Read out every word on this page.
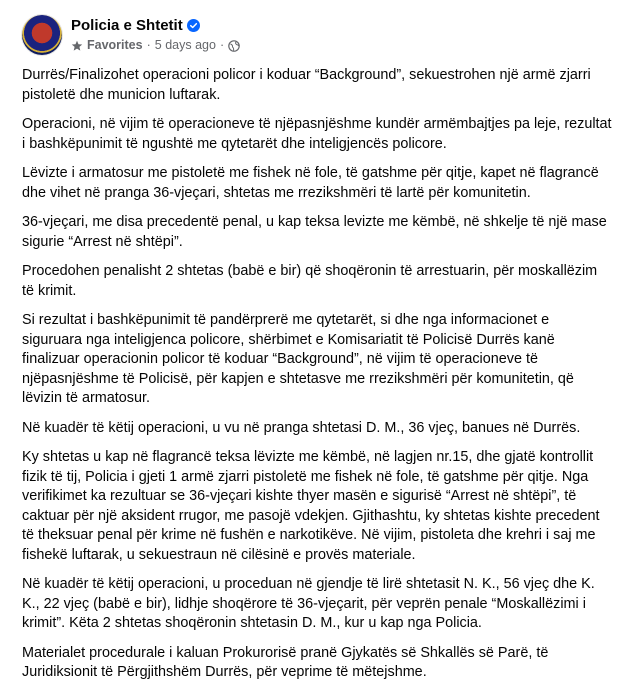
Policia e Shtetit
Favorites · 5 days ago ·

Durrës/Finalizohet operacioni policor i koduar “Background”, sekuestrohen një armë zjarri pistoletë dhe municion luftarak.

Operacioni, në vijim të operacioneve të njëpasnjëshme kundër armëmbajtjes pa leje, rezultat i bashkëpunimit të ngushtë me qytetarët dhe inteligjencës policore.

Lëvizte i armatosur me pistoletë me fishek në fole, të gatshme për qitje, kapet në flagrancë dhe vihet në pranga 36-vjeçari, shtetas me rrezikshmëri të lartë për komunitetin.

36-vjeçari, me disa precedentë penal, u kap teksa levizte me këmbë, në shkelje të një mase sigurie “Arrest në shtëpi”.

Procedohen penalisht 2 shtetas (babë e bir) që shoqëronin të arrestuarin, për moskallëzim të krimit.

Si rezultat i bashkëpunimit të pandërprerë me qytetarët, si dhe nga informacionet e siguruara nga inteligjenca policore, shërbimet e Komisariatit të Policisë Durrës kanë finalizuar operacionin policor të koduar “Background”, në vijim të operacioneve të njëpasnjëshme të Policisë, për kapjen e shtetasve me rrezikshmëri për komunitetin, që lëvizin të armatosur.

Në kuadër të këtij operacioni, u vu në pranga shtetasi D. M., 36 vjeç, banues në Durrës.

Ky shtetas u kap në flagrancë teksa lëvizte me këmbë, në lagjen nr.15, dhe gjatë kontrollit fizik të tij, Policia i gjeti 1 armë zjarri pistoletë me fishek në fole, të gatshme për qitje. Nga verifikimet ka rezultuar se 36-vjeçari kishte thyer masën e sigurisë “Arrest në shtëpi”, të caktuar për një aksident rrugor, me pasojë vdekjen. Gjithashtu, ky shtetas kishte precedent të theksuar penal për krime në fushën e narkotikëve. Në vijim, pistoleta dhe krehri i saj me fishekë luftarak, u sekuestraun në cilësinë e provës materiale.

Në kuadër të këtij operacioni, u proceduan në gjendje të lirë shtetasit N. K., 56 vjeç dhe K. K., 22 vjeç (babë e bir), lidhje shoqërore të 36-vjeçarit, për veprën penale “Moskallëzimi i krimit”. Këta 2 shtetas shoqëronin shtetasin D. M., kur u kap nga Policia.

Materialet procedurale i kaluan Prokurorisë pranë Gjykatës së Shkallës së Parë, të Juridiksionit të Përgjithshëm Durrës, për veprime të mëtejshme.
